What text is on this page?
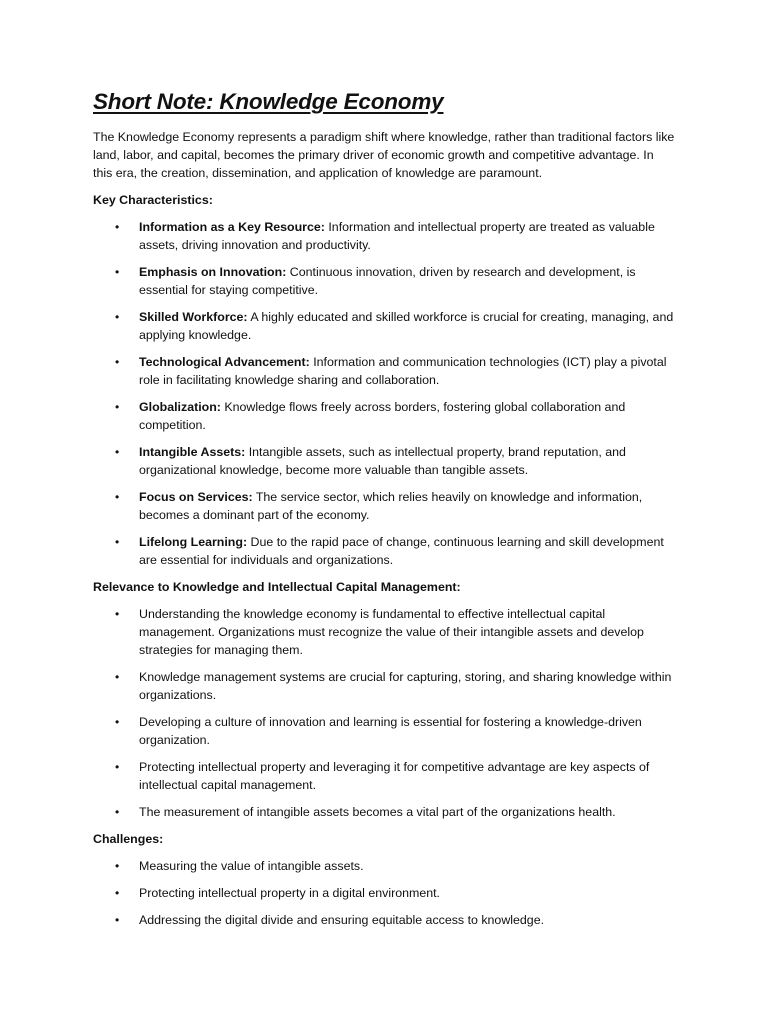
Short Note: Knowledge Economy

The Knowledge Economy represents a paradigm shift where knowledge, rather than traditional factors like land, labor, and capital, becomes the primary driver of economic growth and competitive advantage. In this era, the creation, dissemination, and application of knowledge are paramount.

Key Characteristics:

• Information as a Key Resource: Information and intellectual property are treated as valuable assets, driving innovation and productivity.
• Emphasis on Innovation: Continuous innovation, driven by research and development, is essential for staying competitive.
• Skilled Workforce: A highly educated and skilled workforce is crucial for creating, managing, and applying knowledge.
• Technological Advancement: Information and communication technologies (ICT) play a pivotal role in facilitating knowledge sharing and collaboration.
• Globalization: Knowledge flows freely across borders, fostering global collaboration and competition.
• Intangible Assets: Intangible assets, such as intellectual property, brand reputation, and organizational knowledge, become more valuable than tangible assets.
• Focus on Services: The service sector, which relies heavily on knowledge and information, becomes a dominant part of the economy.
• Lifelong Learning: Due to the rapid pace of change, continuous learning and skill development are essential for individuals and organizations.

Relevance to Knowledge and Intellectual Capital Management:

• Understanding the knowledge economy is fundamental to effective intellectual capital management. Organizations must recognize the value of their intangible assets and develop strategies for managing them.
• Knowledge management systems are crucial for capturing, storing, and sharing knowledge within organizations.
• Developing a culture of innovation and learning is essential for fostering a knowledge-driven organization.
• Protecting intellectual property and leveraging it for competitive advantage are key aspects of intellectual capital management.
• The measurement of intangible assets becomes a vital part of the organizations health.

Challenges:

• Measuring the value of intangible assets.
• Protecting intellectual property in a digital environment.
• Addressing the digital divide and ensuring equitable access to knowledge.
